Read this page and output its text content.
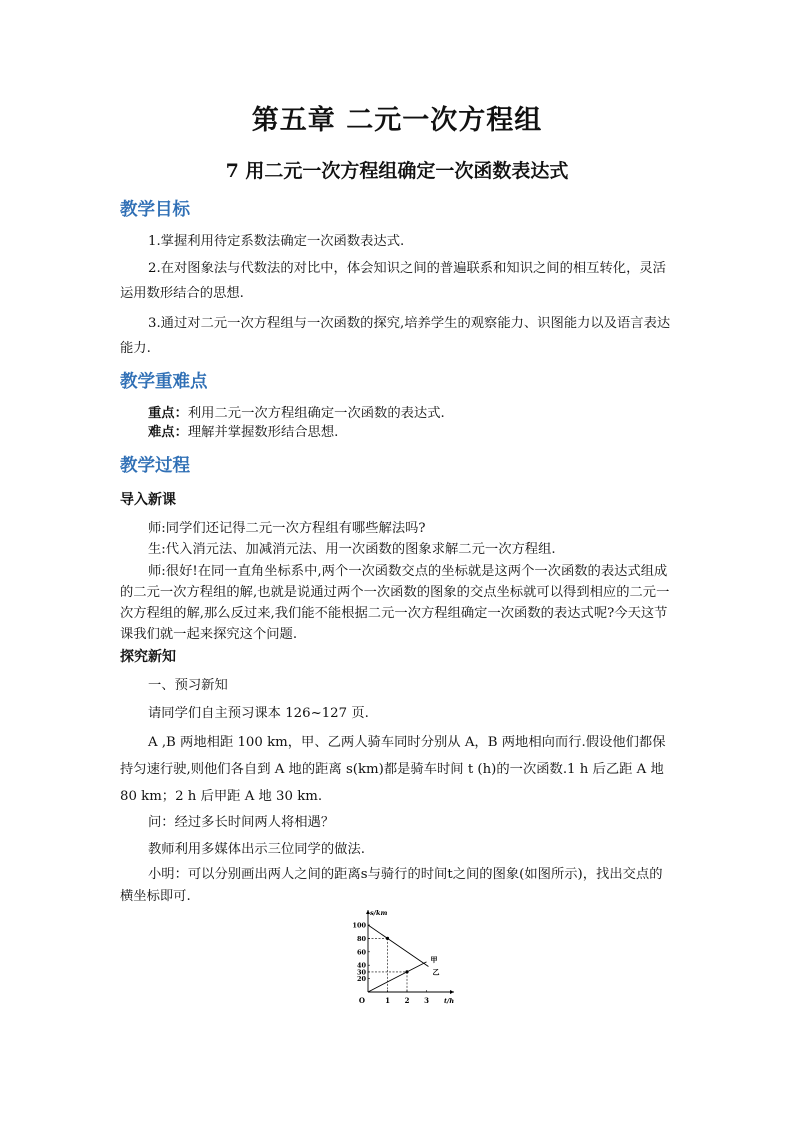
第五章 二元一次方程组
7 用二元一次方程组确定一次函数表达式
教学目标
1.掌握利用待定系数法确定一次函数表达式.
2.在对图象法与代数法的对比中，体会知识之间的普遍联系和知识之间的相互转化，灵活运用数形结合的思想.
3.通过对二元一次方程组与一次函数的探究,培养学生的观察能力、识图能力以及语言表达能力.
教学重难点
重点：利用二元一次方程组确定一次函数的表达式.
难点：理解并掌握数形结合思想.
教学过程
导入新课
师:同学们还记得二元一次方程组有哪些解法吗?
生:代入消元法、加减消元法、用一次函数的图象求解二元一次方程组.
师:很好!在同一直角坐标系中,两个一次函数交点的坐标就是这两个一次函数的表达式组成的二元一次方程组的解,也就是说通过两个一次函数的图象的交点坐标就可以得到相应的二元一次方程组的解,那么反过来,我们能不能根据二元一次方程组确定一次函数的表达式呢?今天这节课我们就一起来探究这个问题.
探究新知
一、预习新知
请同学们自主预习课本 126~127 页.
A ,B 两地相距 100 km，甲、乙两人骑车同时分别从 A，B 两地相向而行.假设他们都保持匀速行驶,则他们各自到 A 地的距离 s(km)都是骑车时间 t (h)的一次函数.1 h 后乙距 A 地 80 km；2 h 后甲距 A 地 30 km.
问：经过多长时间两人将相遇？
教师利用多媒体出示三位同学的做法.
小明：可以分别画出两人之间的距离s与骑行的时间t之间的图象(如图所示)，找出交点的横坐标即可.
s/km
t/h
O
100
80
60
40
30
20
1 2 3
甲
乙
